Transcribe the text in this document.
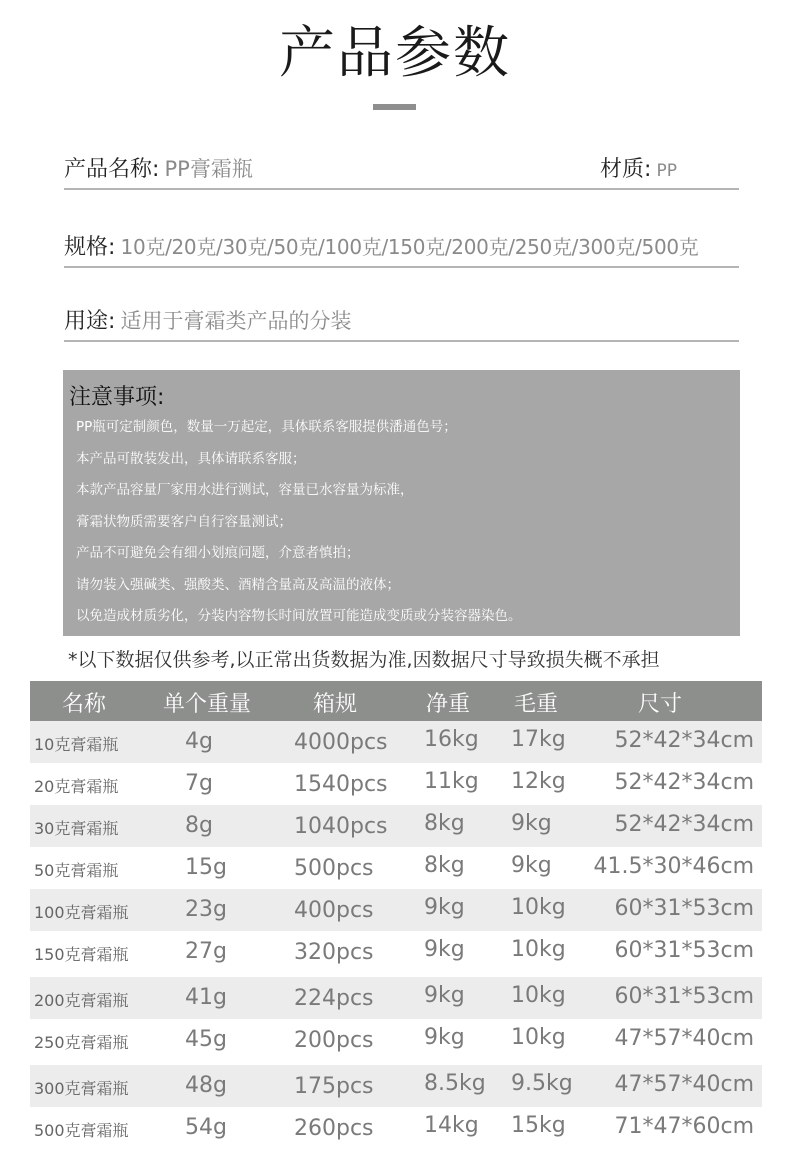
产品参数
产品名称: PP膏霜瓶	材质: PP
规格: 10克/20克/30克/50克/100克/150克/200克/250克/300克/500克
用途: 适用于膏霜类产品的分装
注意事项:
PP瓶可定制颜色，数量一万起定，具体联系客服提供潘通色号；
本产品可散装发出，具体请联系客服；
本款产品容量厂家用水进行测试，容量已水容量为标准，
膏霜状物质需要客户自行容量测试；
产品不可避免会有细小划痕问题，介意者慎拍；
请勿装入强碱类、强酸类、酒精含量高及高温的液体；
以免造成材质劣化，分装内容物长时间放置可能造成变质或分装容器染色。
*以下数据仅供参考,以正常出货数据为准,因数据尺寸导致损失概不承担
名称	单个重量	箱规	净重 毛重	尺寸
10克膏霜瓶	4g	4000pcs 16kg 17kg 52*42*34cm
20克膏霜瓶	7g	1540pcs 11kg 12kg 52*42*34cm
30克膏霜瓶	8g	1040pcs 8kg 9kg	52*42*34cm
50克膏霜瓶	15g	500pcs 8kg 9kg 41.5*30*46cm
100克膏霜瓶	23g	400pcs 9kg 10kg 60*31*53cm
150克膏霜瓶	27g	320pcs 9kg 10kg 60*31*53cm
200克膏霜瓶	41g	224pcs 9kg 10kg 60*31*53cm
250克膏霜瓶	45g	200pcs 9kg 10kg 47*57*40cm
300克膏霜瓶	48g	175pcs 8.5kg 9.5kg 47*57*40cm
500克膏霜瓶	54g	260pcs 14kg 15kg 71*47*60cm
